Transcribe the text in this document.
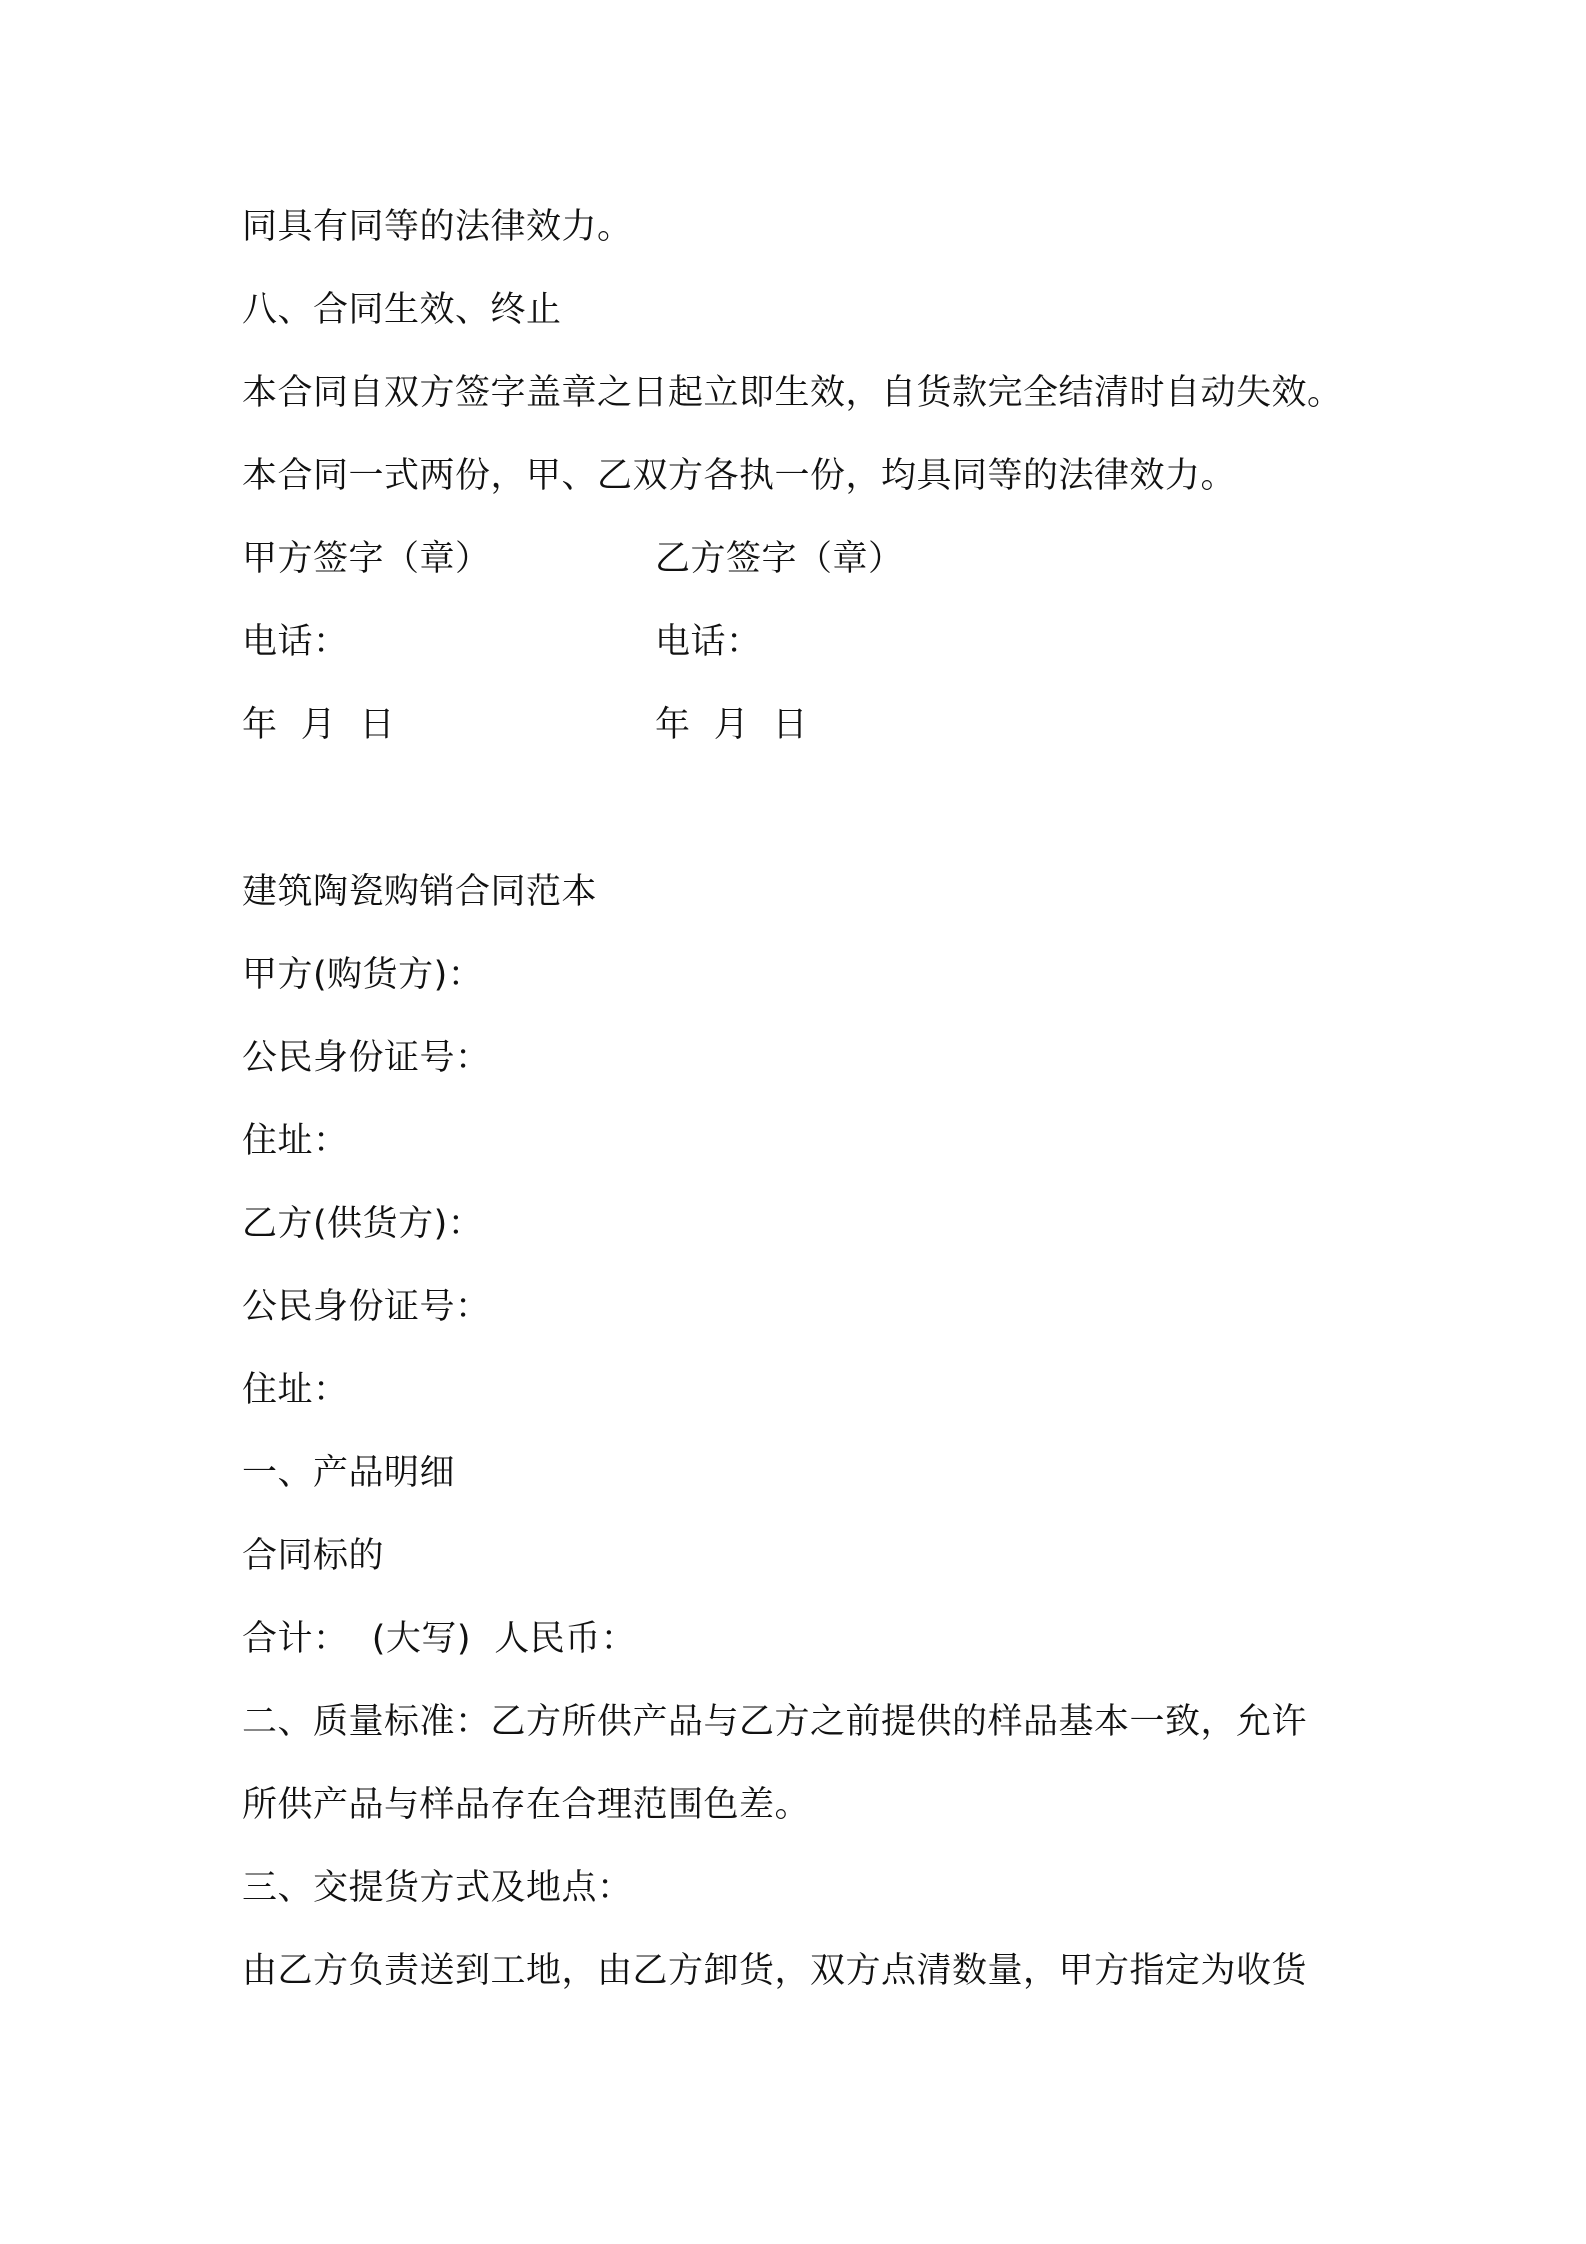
同具有同等的法律效力。
八、合同生效、终止
本合同自双方签字盖章之日起立即生效，自货款完全结清时自动失效。
本合同一式两份，甲、乙双方各执一份，均具同等的法律效力。
甲方签字（章）	乙方签字（章）
电话：	电话：
年  月  日	年  月  日
建筑陶瓷购销合同范本
甲方(购货方)：
公民身份证号：
住址：
乙方(供货方)：
公民身份证号：
住址：
一、产品明细
合同标的
合计：  (大写)  人民币：
二、质量标准：乙方所供产品与乙方之前提供的样品基本一致，允许
所供产品与样品存在合理范围色差。
三、交提货方式及地点：
由乙方负责送到工地，由乙方卸货，双方点清数量，甲方指定为收货
